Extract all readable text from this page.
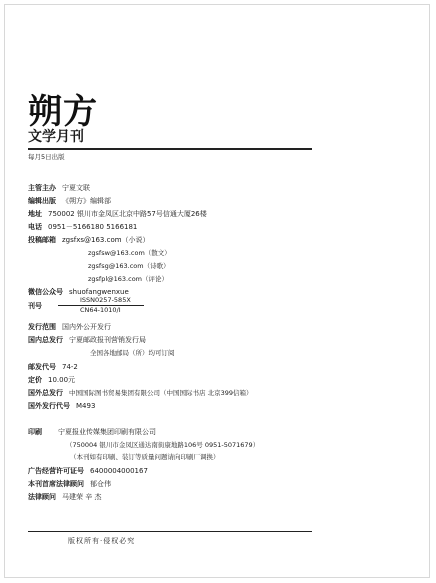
朔方
文学月刊
每月5日出版
主管主办 宁夏文联
编辑出版 《朔方》编辑部
地址 750002 银川市金凤区北京中路57号信通大厦26楼
电话 0951－5166180 5166181
投稿邮箱 zgsfxs@163.com（小说）
zgsfsw@163.com（散文）
zgsfsg@163.com（诗歌）
zgsfpl@163.com（评论）
微信公众号 shuofangwenxue
刊号
ISSN0257-585X
CN64-1010/I
发行范围 国内外公开发行
国内总发行 宁夏邮政报刊营销发行局
全国各地邮局（所）均可订阅
邮发代号 74-2
定价 10.00元
国外总发行 中国国际图书贸易集团有限公司（中国国际书店 北京399信箱）
国外发行代号 M493
印刷 宁夏报业传媒集团印刷有限公司
（750004 银川市金凤区通达南街康地路106号 0951-5071679）
（本刊如有印刷、装订等质量问题请向印刷厂调换）
广告经营许可证号 6400004000167
本刊首席法律顾问 郁仓伟
法律顾问 马建荣 辛 杰
版权所有·侵权必究
